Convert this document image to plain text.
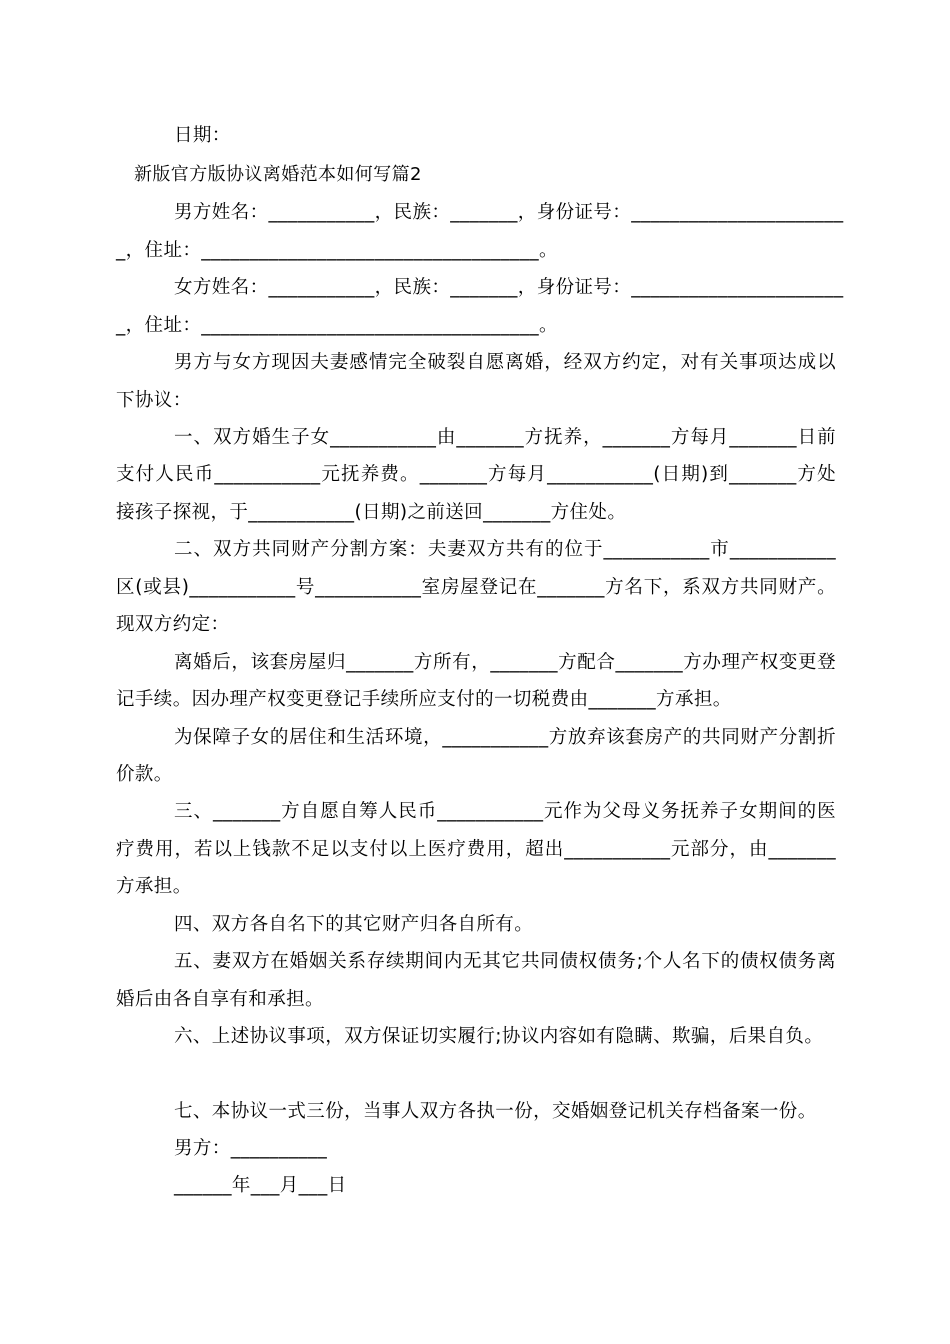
日期：
新版官方版协议离婚范本如何写篇2
男方姓名：___________，民族：_______，身份证号：______________________
_，住址：___________________________________。
女方姓名：___________，民族：_______，身份证号：______________________
_，住址：___________________________________。
男方与女方现因夫妻感情完全破裂自愿离婚，经双方约定，对有关事项达成以
下协议：
一、双方婚生子女___________由_______方抚养，_______方每月_______日前
支付人民币___________元抚养费。_______方每月___________(日期)到_______方处
接孩子探视，于___________(日期)之前送回_______方住处。
二、双方共同财产分割方案：夫妻双方共有的位于___________市___________
区(或县)___________号___________室房屋登记在_______方名下，系双方共同财产。
现双方约定：
离婚后，该套房屋归_______方所有，_______方配合_______方办理产权变更登
记手续。因办理产权变更登记手续所应支付的一切税费由_______方承担。
为保障子女的居住和生活环境，___________方放弃该套房产的共同财产分割折
价款。
三、_______方自愿自筹人民币___________元作为父母义务抚养子女期间的医
疗费用，若以上钱款不足以支付以上医疗费用，超出___________元部分，由_______
方承担。
四、双方各自名下的其它财产归各自所有。
五、妻双方在婚姻关系存续期间内无其它共同债权债务;个人名下的债权债务离
婚后由各自享有和承担。
六、上述协议事项，双方保证切实履行;协议内容如有隐瞒、欺骗，后果自负。
七、本协议一式三份，当事人双方各执一份，交婚姻登记机关存档备案一份。
男方：__________
______年___月___日
